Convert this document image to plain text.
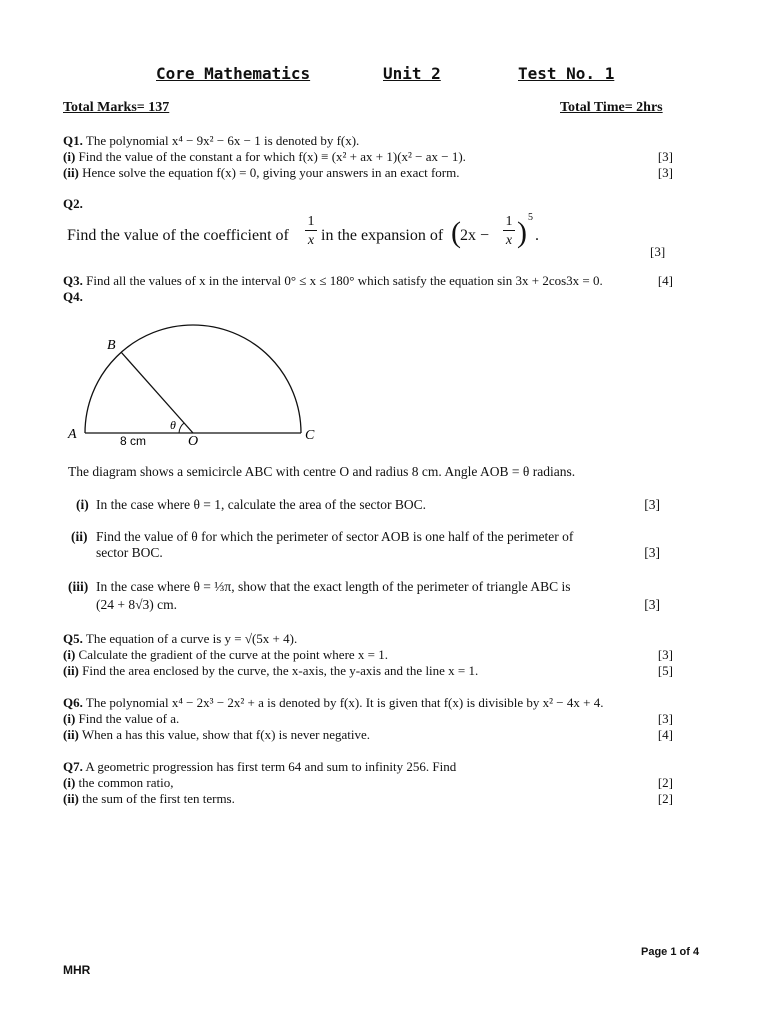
Core Mathematics	Unit 2	Test No. 1
Total Marks= 137	Total Time= 2hrs
Q1. The polynomial x⁴ − 9x² − 6x − 1 is denoted by f(x).
(i) Find the value of the constant a for which f(x) ≡ (x² + ax + 1)(x² − ax − 1).	[3]
(ii) Hence solve the equation f(x) = 0, giving your answers in an exact form.	[3]
Q2.
Find the value of the coefficient of
1
x in the expansion of ( 2x −
1
x ) 5
.
[3]
Q3. Find all the values of x in the interval 0° ≤ x ≤ 180° which satisfy the equation sin 3x + 2cos3x = 0.	[4]
Q4.
A
B
C
O
θ
8 cm
The diagram shows a semicircle ABC with centre O and radius 8 cm. Angle AOB = θ radians.
(i) In the case where θ = 1, calculate the area of the sector BOC.	[3]
(ii) Find the value of θ for which the perimeter of sector AOB is one half of the perimeter of
sector BOC.	[3]
(iii) In the case where θ = ⅓π, show that the exact length of the perimeter of triangle ABC is
(24 + 8√3) cm.	[3]
Q5. The equation of a curve is y = √(5x + 4).
(i) Calculate the gradient of the curve at the point where x = 1.	[3]
(ii) Find the area enclosed by the curve, the x-axis, the y-axis and the line x = 1.	[5]
Q6. The polynomial x⁴ − 2x³ − 2x² + a is denoted by f(x). It is given that f(x) is divisible by x² − 4x + 4.
(i) Find the value of a.	[3]
(ii) When a has this value, show that f(x) is never negative.	[4]
Q7. A geometric progression has first term 64 and sum to infinity 256. Find
(i) the common ratio,	[2]
(ii) the sum of the first ten terms.	[2]
Page 1 of 4
MHR
